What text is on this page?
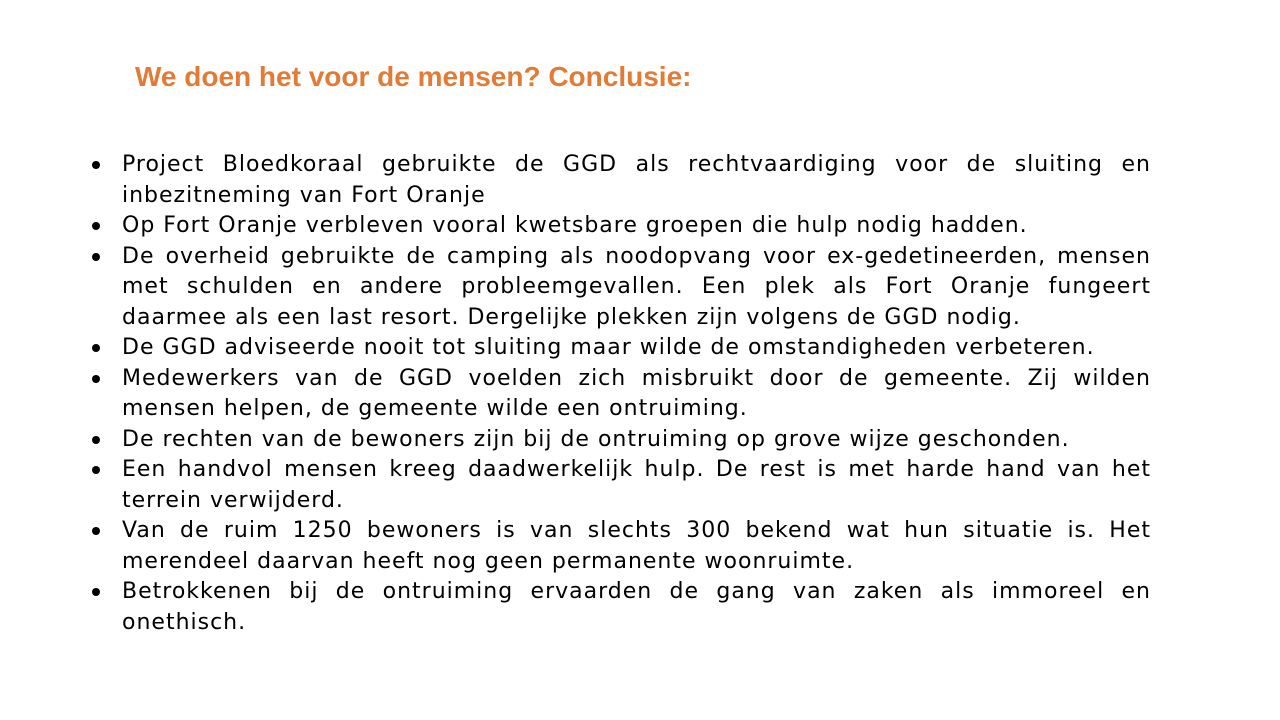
We doen het voor de mensen? Conclusie:
Project Bloedkoraal gebruikte de GGD als rechtvaardiging voor de sluiting en inbezitneming van Fort Oranje
Op Fort Oranje verbleven vooral kwetsbare groepen die hulp nodig hadden.
De overheid gebruikte de camping als noodopvang voor ex-gedetineerden, mensen met schulden en andere probleemgevallen. Een plek als Fort Oranje fungeert daarmee als een last resort. Dergelijke plekken zijn volgens de GGD nodig.
De GGD adviseerde nooit tot sluiting maar wilde de omstandigheden verbeteren.
Medewerkers van de GGD voelden zich misbruikt door de gemeente. Zij wilden mensen helpen, de gemeente wilde een ontruiming.
De rechten van de bewoners zijn bij de ontruiming op grove wijze geschonden.
Een handvol mensen kreeg daadwerkelijk hulp. De rest is met harde hand van het terrein verwijderd.
Van de ruim 1250 bewoners is van slechts 300 bekend wat hun situatie is. Het merendeel daarvan heeft nog geen permanente woonruimte.
Betrokkenen bij de ontruiming ervaarden de gang van zaken als immoreel en onethisch.
